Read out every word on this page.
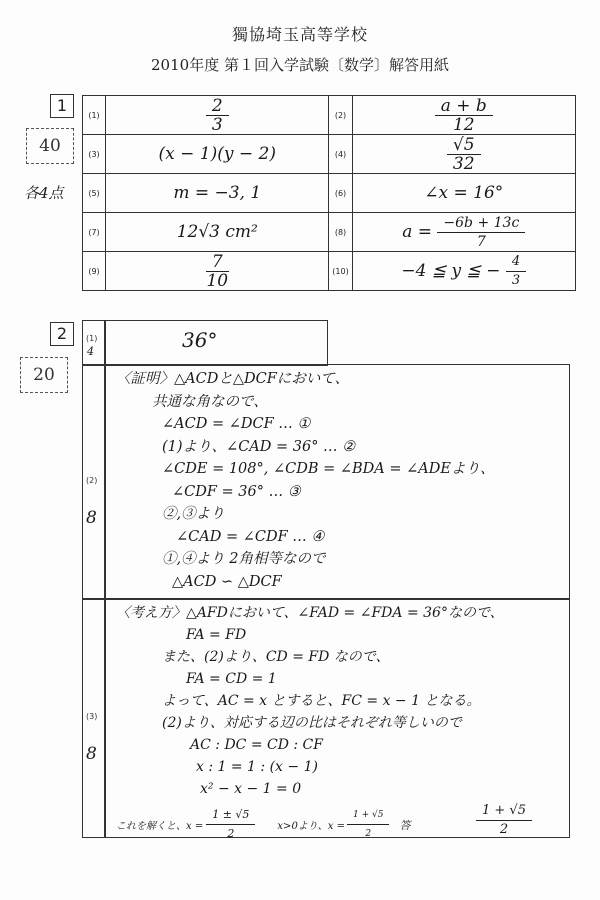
獨協埼玉高等学校
2010年度 第１回入学試験〔数学〕解答用紙
1
40
各4点
(1)	$\frac{2}{3}$	(2)	$\frac{a + b}{12}$

(3)	(x − 1)(y − 2)	(4)	$\frac{√5}{32}$

(5)	m = −3, 1	(6)	∠x = 16°
(7)	12√3 cm²	(8)	$a = \frac{-6b + 13c}{7}$

(9)	$\frac{7}{10}$	(10)	−4 ≦ y ≦ − $\frac{4}{3}$
2
20
(1)
4	36°
(2)
8
〈証明〉△ACDと△DCFにおいて、
共通な角なので、
∠ACD = ∠DCF … ①
(1)より、∠CAD = 36° … ②
∠CDE = 108°, ∠CDB = ∠BDA = ∠ADEより、
∠CDF = 36° … ③
②,③より
∠CAD = ∠CDF … ④
①,④より 2角相等なので
△ACD ∽ △DCF
(3)
8
〈考え方〉△AFDにおいて、∠FAD = ∠FDA = 36°なので、
FA = FD
また、(2)より、CD = FD なので、
FA = CD = 1
よって、AC = x とすると、FC = x − 1 となる。
(2)より、対応する辺の比はそれぞれ等しいので
AC : DC = CD : CF
x : 1 = 1 : (x − 1)
x² − x − 1 = 0
これを解くと、$x = \frac{1 \pm √5}{2} x>0$より、$x = \frac{1 + √5}{2}$ 答	$\frac{1 + √5}{2}$
